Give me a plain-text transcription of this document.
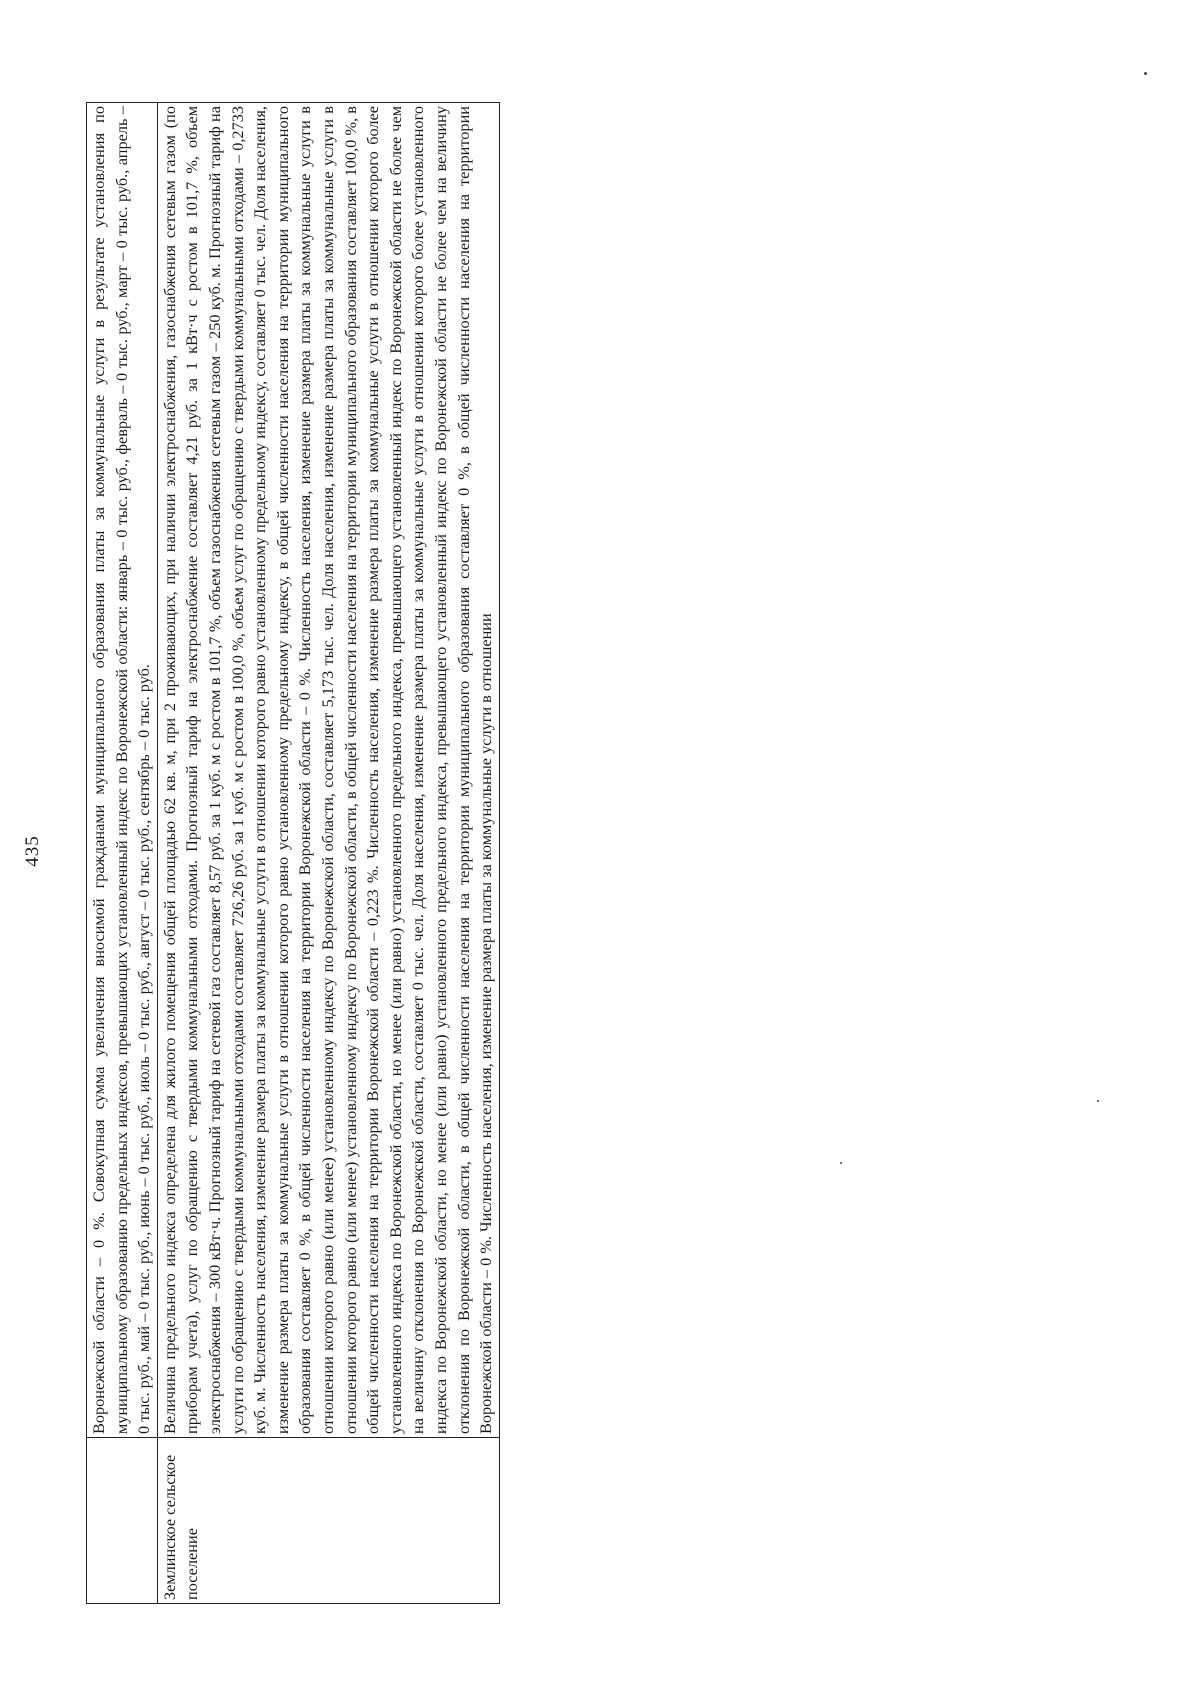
435
		Воронежской области – 0 %. Совокупная сумма увеличения вносимой гражданами муниципального образования платы за коммунальные услуги в результате установления по муниципальному образованию предельных индексов, превышающих установленный индекс по Воронежской области: январь – 0 тыс. руб., февраль – 0 тыс. руб., март – 0 тыс. руб., апрель – 0 тыс. руб., май – 0 тыс. руб., июнь – 0 тыс. руб., июль – 0 тыс. руб., август – 0 тыс. руб., сентябрь – 0 тыс. руб.
Землинское сельское поселение	Величина предельного индекса определена для жилого помещения общей площадью 62 кв. м, при 2 проживающих, при наличии электроснабжения, газоснабжения сетевым газом (по приборам учета), услуг по обращению с твердыми коммунальными отходами. Прогнозный тариф на электроснабжение составляет 4,21 руб. за 1 кВт·ч с ростом в 101,7 %, объем электроснабжения – 300 кВт·ч. Прогнозный тариф на сетевой газ составляет 8,57 руб. за 1 куб. м с ростом в 101,7 %, объем газоснабжения сетевым газом – 250 куб. м. Прогнозный тариф на услуги по обращению с твердыми коммунальными отходами составляет 726,26 руб. за 1 куб. м с ростом в 100,0 %, объем услуг по обращению с твердыми коммунальными отходами – 0,2733 куб. м. Численность населения, изменение размера платы за коммунальные услуги в отношении которого равно установленному предельному индексу, составляет 0 тыс. чел. Доля населения, изменение размера платы за коммунальные услуги в отношении которого равно установленному предельному индексу, в общей численности населения на территории муниципального образования составляет 0 %, в общей численности населения на территории Воронежской области – 0 %. Численность населения, изменение размера платы за коммунальные услуги в отношении которого равно (или менее) установленному индексу по Воронежской области, составляет 5,173 тыс. чел. Доля населения, изменение размера платы за коммунальные услуги в отношении которого равно (или менее) установленному индексу по Воронежской области, в общей численности населения на территории муниципального образования составляет 100,0 %, в общей численности населения на территории Воронежской области – 0,223 %. Численность населения, изменение размера платы за коммунальные услуги в отношении которого более установленного индекса по Воронежской области, но менее (или равно) установленного предельного индекса, превышающего установленный индекс по Воронежской области не более чем на величину отклонения по Воронежской области, составляет 0 тыс. чел. Доля населения, изменение размера платы за коммунальные услуги в отношении которого более установленного индекса по Воронежской области, но менее (или равно) установленного предельного индекса, превышающего установленный индекс по Воронежской области не более чем на величину отклонения по Воронежской области, в общей численности населения на территории муниципального образования составляет 0 %, в общей численности населения на территории Воронежской области – 0 %. Численность населения, изменение размера платы за коммунальные услуги в отношении
